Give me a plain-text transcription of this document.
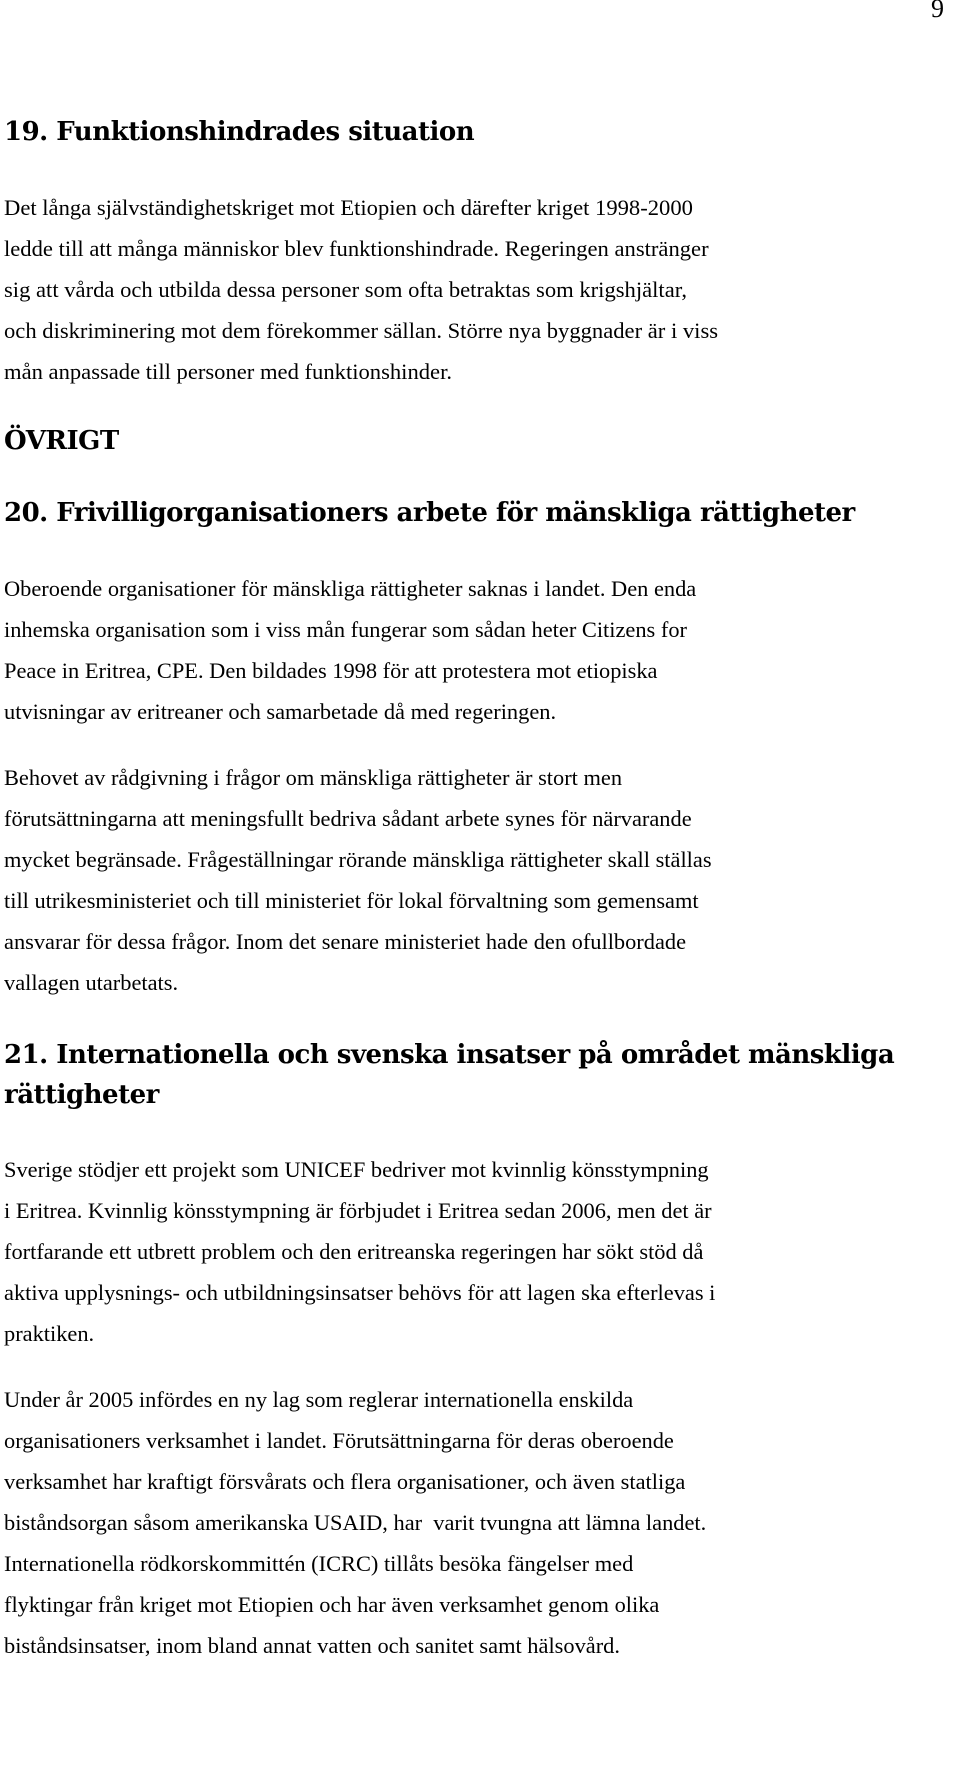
9
19. Funktionshindrades situation

Det långa självständighetskriget mot Etiopien och därefter kriget 1998-2000

ledde till att många människor blev funktionshindrade. Regeringen anstränger

sig att vårda och utbilda dessa personer som ofta betraktas som krigshjältar,

och diskriminering mot dem förekommer sällan. Större nya byggnader är i viss

mån anpassade till personer med funktionshinder.

ÖVRIGT
20. Frivilligorganisationers arbete för mänskliga rättigheter

Oberoende organisationer för mänskliga rättigheter saknas i landet. Den enda

inhemska organisation som i viss mån fungerar som sådan heter Citizens for

Peace in Eritrea, CPE. Den bildades 1998 för att protestera mot etiopiska

utvisningar av eritreaner och samarbetade då med regeringen.

Behovet av rådgivning i frågor om mänskliga rättigheter är stort men

förutsättningarna att meningsfullt bedriva sådant arbete synes för närvarande

mycket begränsade. Frågeställningar rörande mänskliga rättigheter skall ställas

till utrikesministeriet och till ministeriet för lokal förvaltning som gemensamt

ansvarar för dessa frågor. Inom det senare ministeriet hade den ofullbordade

vallagen utarbetats.

21. Internationella och svenska insatser på området mänskliga
rättigheter

Sverige stödjer ett projekt som UNICEF bedriver mot kvinnlig könsstympning

i Eritrea. Kvinnlig könsstympning är förbjudet i Eritrea sedan 2006, men det är

fortfarande ett utbrett problem och den eritreanska regeringen har sökt stöd då

aktiva upplysnings- och utbildningsinsatser behövs för att lagen ska efterlevas i

praktiken.

Under år 2005 infördes en ny lag som reglerar internationella enskilda

organisationers verksamhet i landet. Förutsättningarna för deras oberoende

verksamhet har kraftigt försvårats och flera organisationer, och även statliga

biståndsorgan såsom amerikanska USAID, har  varit tvungna att lämna landet.

Internationella rödkorskommittén (ICRC) tillåts besöka fängelser med

flyktingar från kriget mot Etiopien och har även verksamhet genom olika

biståndsinsatser, inom bland annat vatten och sanitet samt hälsovård.
